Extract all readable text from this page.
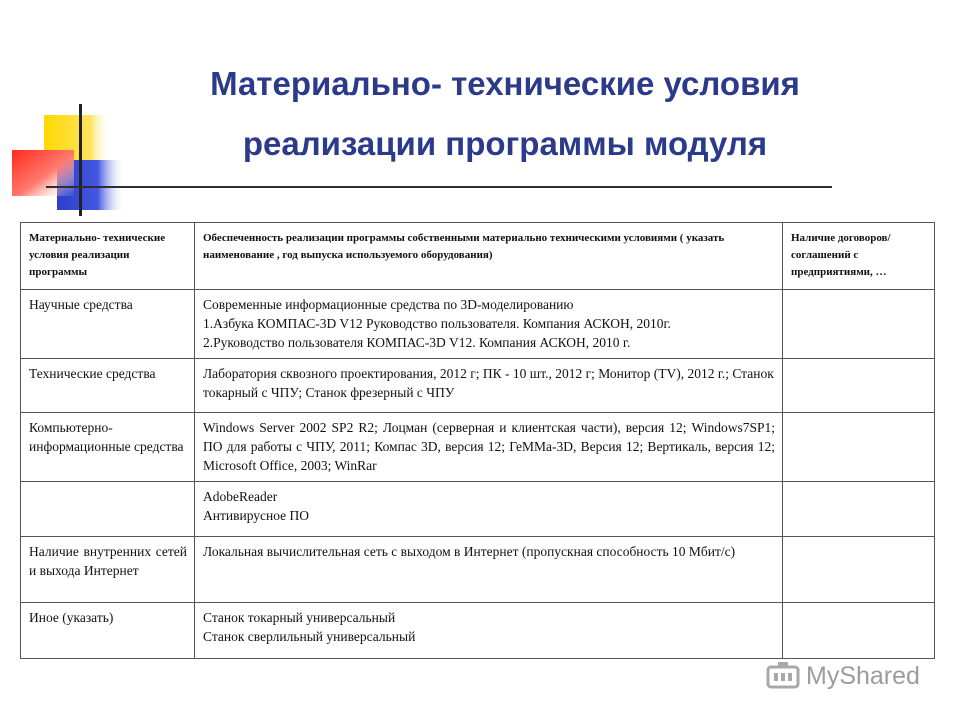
Материально- технические условия
реализации программы модуля
Материально- технические условия реализации программы	Обеспеченность реализации программы собственными материально техническими условиями ( указать наименование , год выпуска используемого оборудования)	Наличие договоров/ соглашений с предприятиями, …
Научные средства	Современные информационные средства по 3D-моделированию
1.Азбука КОМПАС-3D V12 Руководство пользователя. Компания АСКОН, 2010г.
2.Руководство пользователя КОМПАС-3D V12. Компания АСКОН, 2010 г.	

Технические средства	Лаборатория сквозного проектирования, 2012 г; ПК - 10 шт., 2012 г; Монитор (TV), 2012 г.; Станок токарный с ЧПУ; Станок фрезерный с ЧПУ	

Компьютерно- информационные средства	Windows Server 2002 SP2 R2; Лоцман (серверная и клиентская части), версия 12; Windows7SP1; ПО для работы с ЧПУ, 2011; Компас 3D, версия 12; ГеММа-3D, Версия 12; Вертикаль, версия 12; Microsoft Office, 2003; WinRar	

	AdobeReader
Антивирусное ПО	

Наличие внутренних сетей и выхода Интернет	Локальная вычислительная сеть с выходом в Интернет (пропускная способность 10 Мбит/с)	

Иное (указать)	Станок токарный универсальный
Станок сверлильный универсальный	

MyShared
